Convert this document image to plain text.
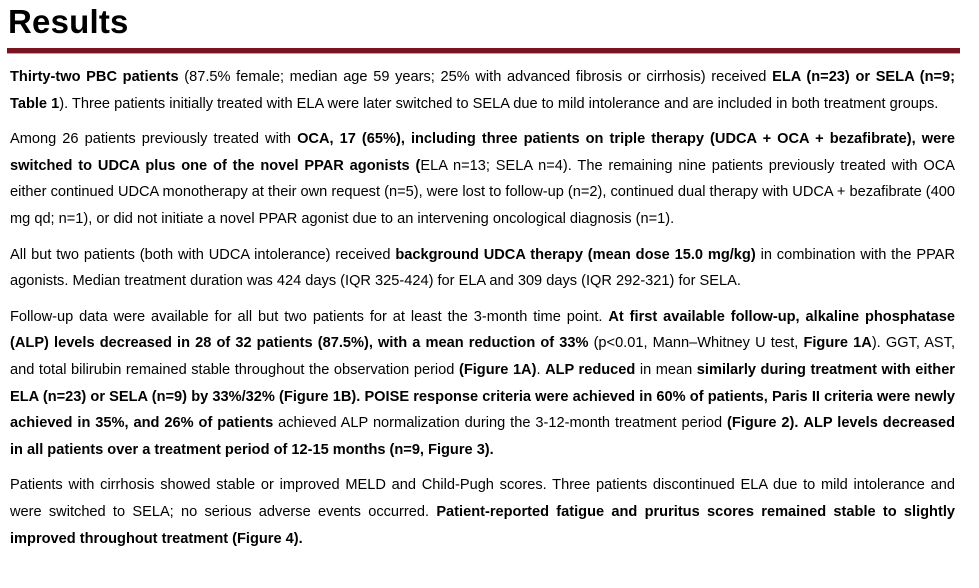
Results

Thirty-two PBC patients (87.5% female; median age 59 years; 25% with advanced fibrosis or cirrhosis) received ELA (n=23) or SELA (n=9; Table 1). Three patients initially treated with ELA were later switched to SELA due to mild intolerance and are included in both treatment groups.

Among 26 patients previously treated with OCA, 17 (65%), including three patients on triple therapy (UDCA + OCA + bezafibrate), were switched to UDCA plus one of the novel PPAR agonists (ELA n=13; SELA n=4). The remaining nine patients previously treated with OCA either continued UDCA monotherapy at their own request (n=5), were lost to follow-up (n=2), continued dual therapy with UDCA + bezafibrate (400 mg qd; n=1), or did not initiate a novel PPAR agonist due to an intervening oncological diagnosis (n=1).

All but two patients (both with UDCA intolerance) received background UDCA therapy (mean dose 15.0 mg/kg) in combination with the PPAR agonists. Median treatment duration was 424 days (IQR 325-424) for ELA and 309 days (IQR 292-321) for SELA.

Follow-up data were available for all but two patients for at least the 3-month time point. At first available follow-up, alkaline phosphatase (ALP) levels decreased in 28 of 32 patients (87.5%), with a mean reduction of 33% (p<0.01, Mann–Whitney U test, Figure 1A). GGT, AST, and total bilirubin remained stable throughout the observation period (Figure 1A). ALP reduced in mean similarly during treatment with either ELA (n=23) or SELA (n=9) by 33%/32% (Figure 1B). POISE response criteria were achieved in 60% of patients, Paris II criteria were newly achieved in 35%, and 26% of patients achieved ALP normalization during the 3-12-month treatment period (Figure 2). ALP levels decreased in all patients over a treatment period of 12-15 months (n=9, Figure 3).

Patients with cirrhosis showed stable or improved MELD and Child-Pugh scores. Three patients discontinued ELA due to mild intolerance and were switched to SELA; no serious adverse events occurred. Patient-reported fatigue and pruritus scores remained stable to slightly improved throughout treatment (Figure 4).
